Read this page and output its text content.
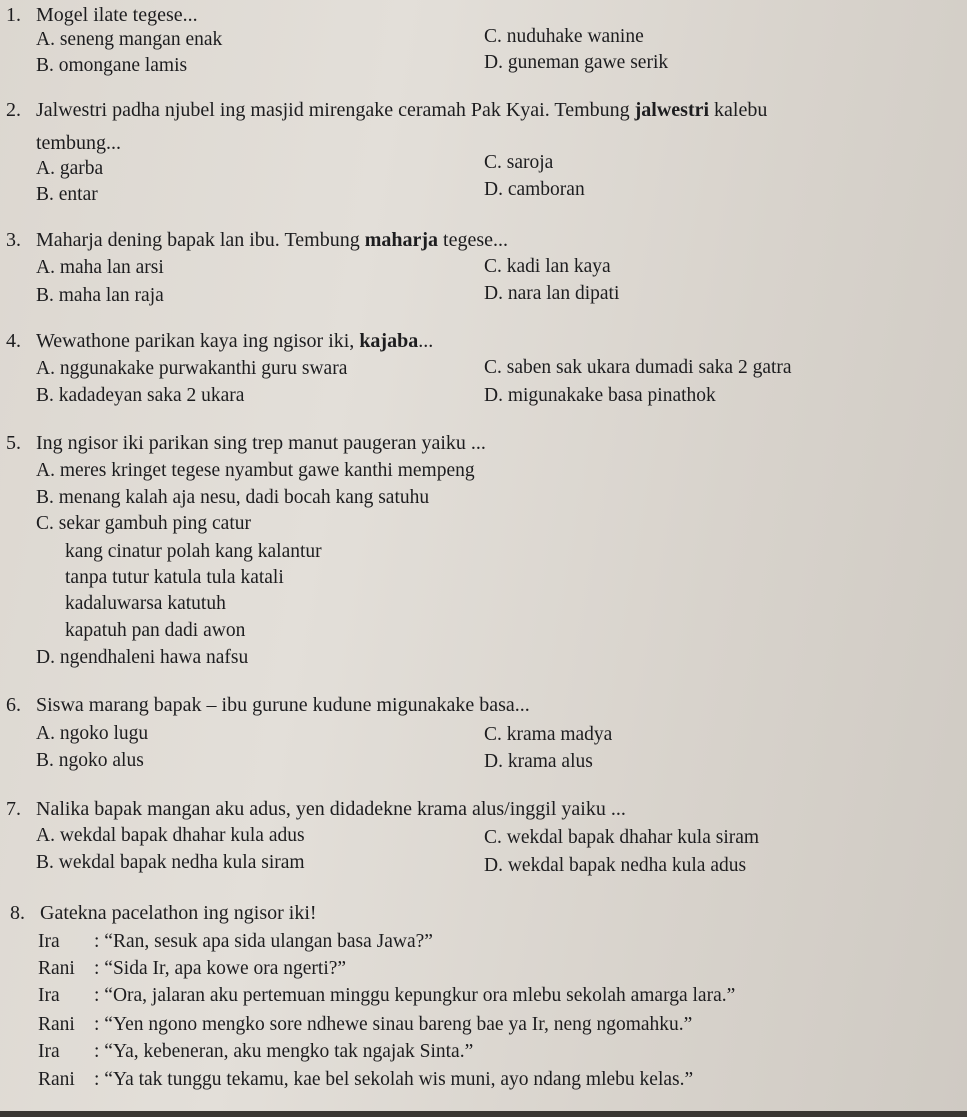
1. Mogel ilate tegese...
A. seneng mangan enak	C. nuduhake wanine
B. omongane lamis	D. guneman gawe serik
2. Jalwestri padha njubel ing masjid mirengake ceramah Pak Kyai. Tembung jalwestri kalebu
tembung...
A. garba	C. saroja
B. entar	D. camboran
3. Maharja dening bapak lan ibu. Tembung maharja tegese...
A. maha lan arsi	C. kadi lan kaya
B. maha lan raja	D. nara lan dipati
4. Wewathone parikan kaya ing ngisor iki, kajaba...
A. nggunakake purwakanthi guru swara	C. saben sak ukara dumadi saka 2 gatra
B. kadadeyan saka 2 ukara	D. migunakake basa pinathok
5. Ing ngisor iki parikan sing trep manut paugeran yaiku ...
A. meres kringet tegese nyambut gawe kanthi mempeng
B. menang kalah aja nesu, dadi bocah kang satuhu
C. sekar gambuh ping catur
kang cinatur polah kang kalantur
tanpa tutur katula tula katali
kadaluwarsa katutuh
kapatuh pan dadi awon
D. ngendhaleni hawa nafsu
6. Siswa marang bapak – ibu gurune kudune migunakake basa...
A. ngoko lugu	C. krama madya
B. ngoko alus	D. krama alus
7. Nalika bapak mangan aku adus, yen didadekne krama alus/inggil yaiku ...
A. wekdal bapak dhahar kula adus	C. wekdal bapak dhahar kula siram
B. wekdal bapak nedha kula siram	D. wekdal bapak nedha kula adus
8. Gatekna pacelathon ing ngisor iki!
Ira : “Ran, sesuk apa sida ulangan basa Jawa?”
Rani : “Sida Ir, apa kowe ora ngerti?”
Ira : “Ora, jalaran aku pertemuan minggu kepungkur ora mlebu sekolah amarga lara.”
Rani : “Yen ngono mengko sore ndhewe sinau bareng bae ya Ir, neng ngomahku.”
Ira : “Ya, kebeneran, aku mengko tak ngajak Sinta.”
Rani : “Ya tak tunggu tekamu, kae bel sekolah wis muni, ayo ndang mlebu kelas.”
